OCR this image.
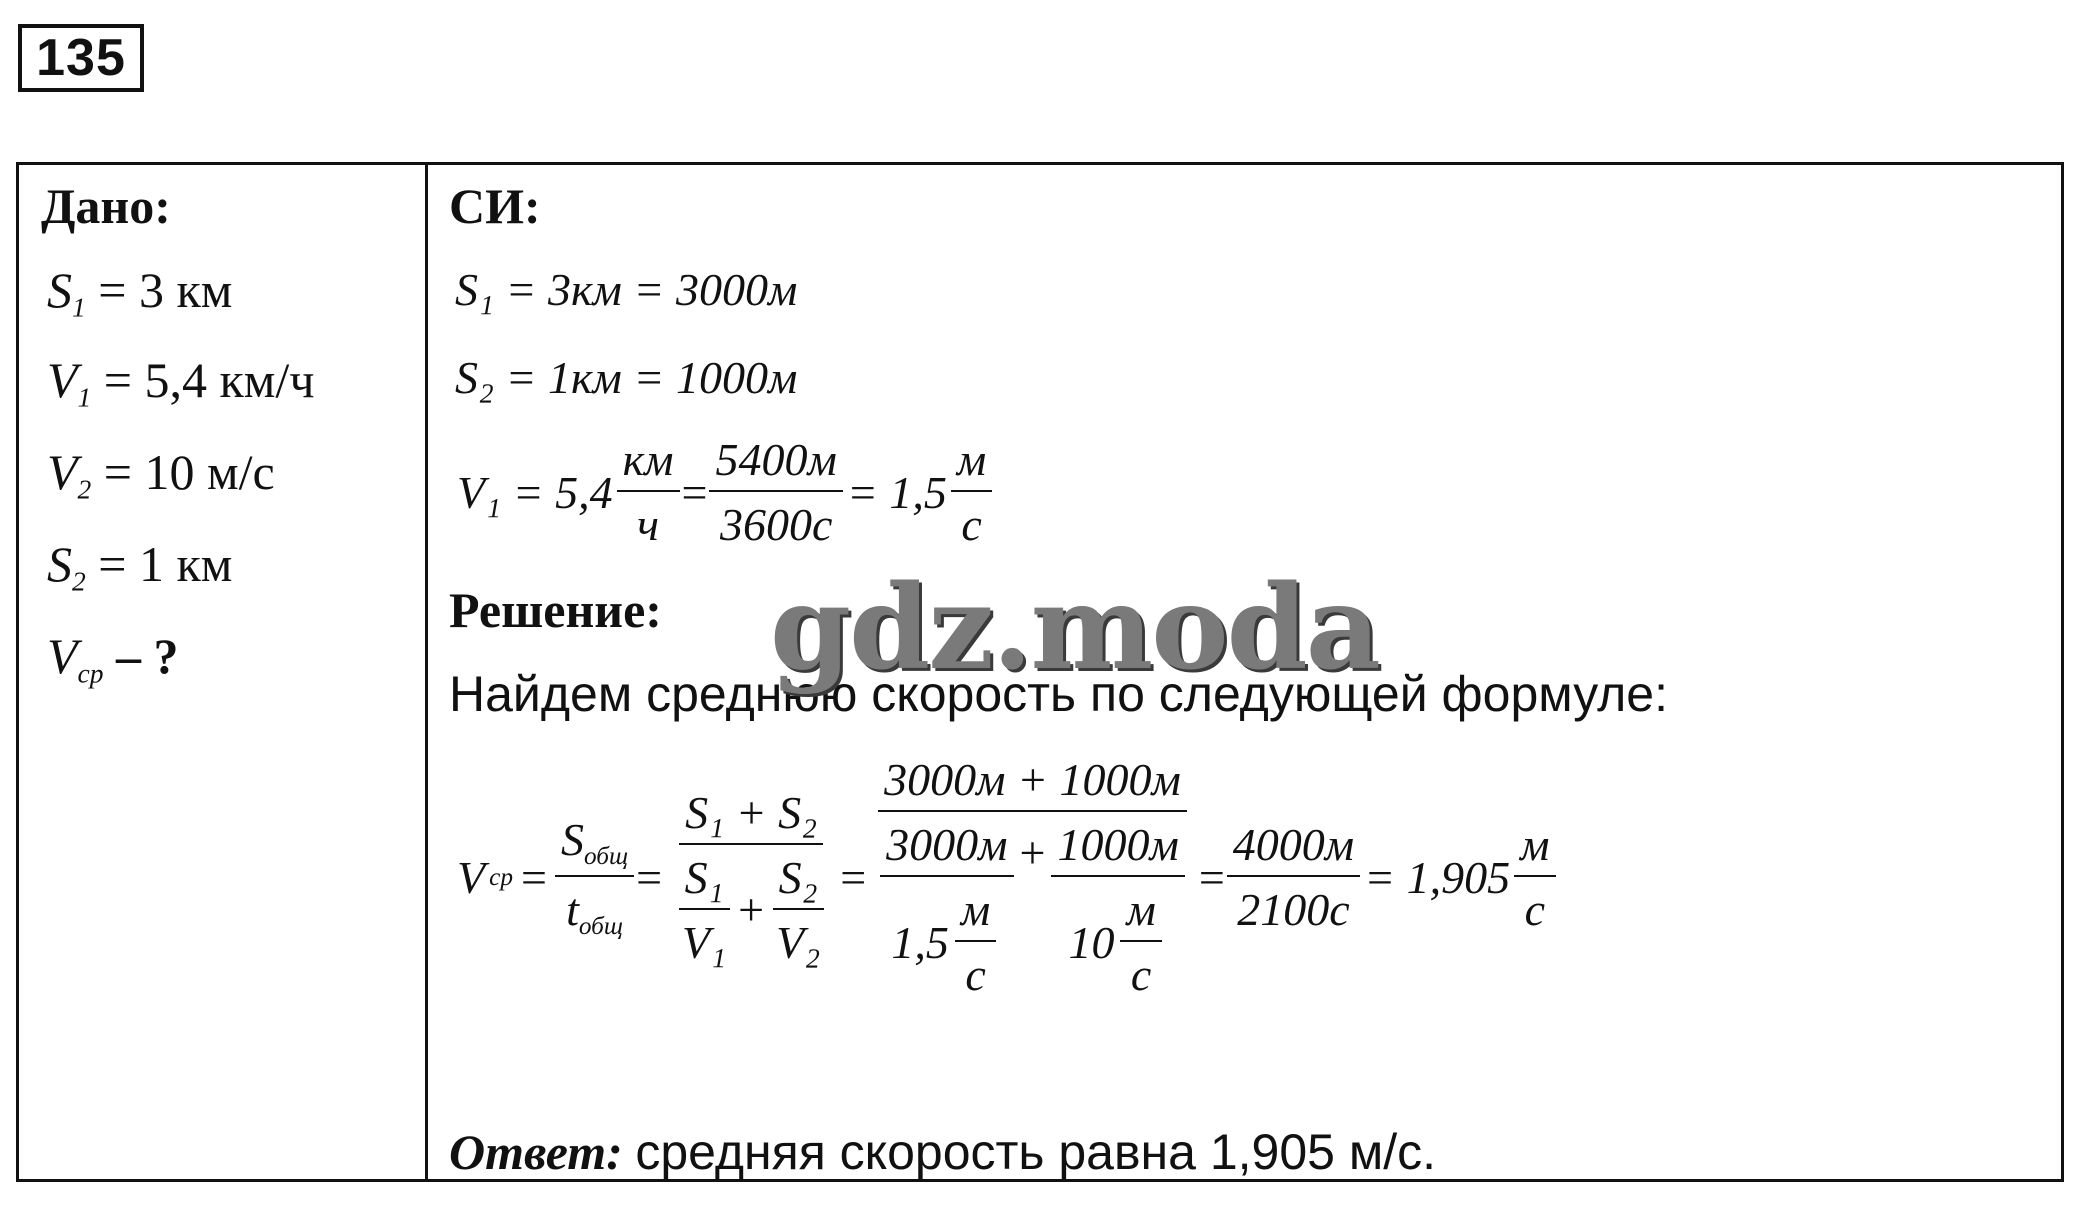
135
Дано:
$S_1 = 3$ км
$V_1 = 5,4$ км/ч
$V_2 = 10$ м/с
$S_2 = 1$ км
$V_{ср}$ – ?
СИ:
S₁ = 3км = 3000м
S₂ = 1км = 1000м
V₁ = 5,4
км
ч
=
5400м
3600с
= 1,5
м
с
Решение:
Найдем среднюю скорость по следующей формуле:
V ср =
$S_{общ}$
$t_{общ}$
= S₁ + S₂
S₁
V₁
+ $\frac{\text{S₂}}{\text{V₂}}$ =
3000м + 1000м
3000м
1,5
м
с
+ 1000м
10
м
с
=
4000м
2100с
= 1,905
м
с
Ответ: средняя скорость равна 1,905 м/с.
gdz.moda
